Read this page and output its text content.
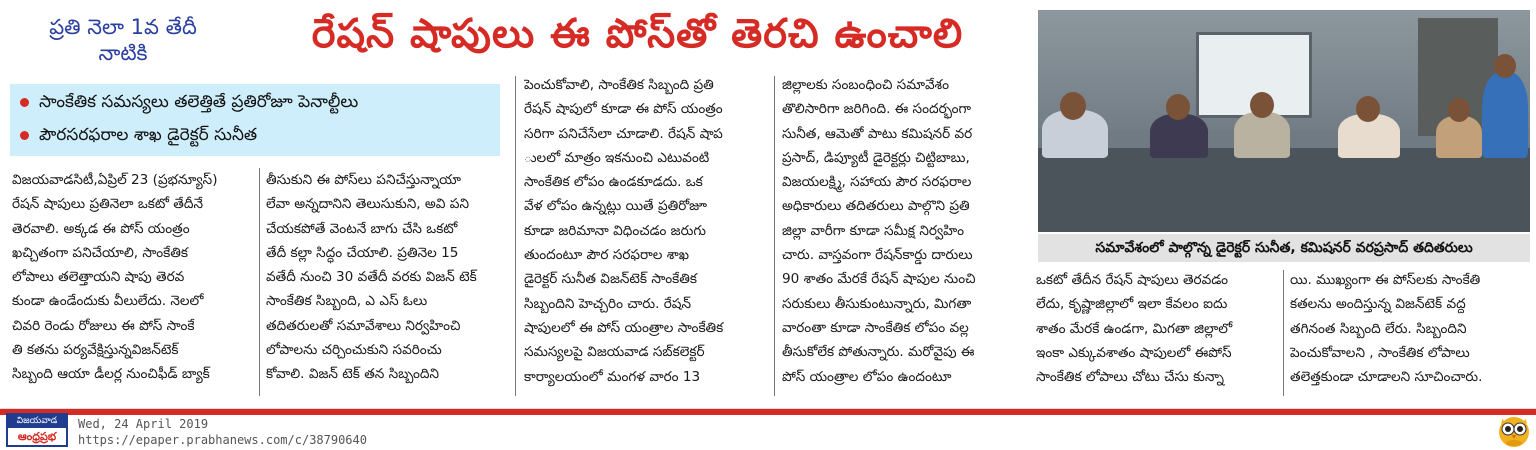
ప్రతి నెలా 1వ తేదీ
నాటికి	రేషన్ షాపులు ఈ పోస్‌తో తెరచి ఉంచాలి
సాంకేతిక సమస్యలు తలెత్తితే ప్రతిరోజూ పెనాల్టీలు
పౌరసరఫరాల శాఖ డైరెక్టర్ సునీత

విజయవాడసిటీ,ఏప్రిల్ 23 (ప్రభన్యూస్)

రేషన్ షాపులు ప్రతినెలా ఒకటో తేదీనే

తెరవాలి. అక్కడ ఈ పోస్ యంత్రం

ఖచ్చితంగా పనిచేయాలి, సాంకేతిక

లోపాలు తలెత్తాయని షాపు తెరవ

కుండా ఉండేందుకు వీలులేదు. నెలలో

చివరి రెండు రోజులు ఈ పోస్ సాంకే

తి కతను పర్యవేక్షిస్తున్నవిజన్‌టెక్

సిబ్బంది ఆయా డీలర్ల నుంచిఫీడ్ బ్యాక్

తీసుకుని ఈ పోస్‌లు పనిచేస్తున్నాయా

లేవా అన్నదానిని తెలుసుకుని, అవి పని

చేయకపోతే వెంటనే బాగు చేసి ఒకటో

తేదీ కల్లా సిద్ధం చేయాలి. ప్రతినెల 15

వతేదీ నుంచి 30 వతేదీ వరకు విజన్ టెక్

సాంకేతిక సిబ్బంది, ఎ ఎస్ ఓలు

తదితరులతో సమావేశాలు నిర్వహించి

లోపాలను చర్చించుకుని సవరించు

కోవాలి. విజన్ టెక్ తన సిబ్బందిని

పెంచుకోవాలి, సాంకేతిక సిబ్బంది ప్రతి

రేషన్ షాపులో కూడా ఈ పోస్ యంత్రం

సరిగా పనిచేసేలా చూడాలి. రేషన్ షాప

ులలో మాత్రం ఇకనుంచి ఎటువంటి

సాంకేతిక లోపం ఉండకూడదు. ఒక

వేళ లోపం ఉన్నట్లు యితే ప్రతిరోజూ

కూడా జరిమానా విధించడం జరుగు

తుందంటూ పౌర సరఫరాల శాఖ

డైరెక్టర్ సునీత విజన్‌టెక్ సాంకేతిక

సిబ్బందిని హెచ్చరిం చారు. రేషన్

షాపులలో ఈ పోస్ యంత్రాల సాంకేతిక

సమస్యలపై విజయవాడ సబ్‌కలెక్టర్

కార్యాలయంలో మంగళ వారం 13

జిల్లాలకు సంబంధించి సమావేశం

తొలిసారిగా జరిగింది. ఈ సందర్భంగా

సునీత, ఆమెతో పాటు కమిషనర్ వర

ప్రసాద్, డిప్యూటీ డైరెక్టర్లు చిట్టిబాబు,

విజయలక్ష్మి, సహాయ పౌర సరఫరాల

అధికారులు తదితరులు పాల్గొని ప్రతి

జిల్లా వారీగా కూడా సమీక్ష నిర్వహిం

చారు. వాస్తవంగా రేషన్‌కార్డు దారులు

90 శాతం మేరకే రేషన్ షాపుల నుంచి

సరుకులు తీసుకుంటున్నారు, మిగతా

వారంతా కూడా సాంకేతిక లోపం వల్ల

తీసుకోలేక పోతున్నారు. మరోవైపు ఈ

పోస్ యంత్రాల లోపం ఉందంటూ

ఒకటో తేదీన రేషన్ షాపులు తెరవడం

లేదు, కృష్ణాజిల్లాలో ఇలా కేవలం ఐదు

శాతం మేరకే ఉండగా, మిగతా జిల్లాలో

ఇంకా ఎక్కువశాతం షాపులలో ఈపోస్

సాంకేతిక లోపాలు చోటు చేసు కున్నా

యి. ముఖ్యంగా ఈ పోస్‌లకు సాంకేతి

కతలను అందిస్తున్న విజన్‌టెక్ వద్ద

తగినంత సిబ్బంది లేరు. సిబ్బందిని

పెంచుకోవాలని , సాంకేతిక లోపాలు

తలెత్తకుండా చూడాలని సూచించారు.

సమావేశంలో పాల్గొన్న డైరెక్టర్ సునీత, కమిషనర్ వరప్రసాద్ తదితరులు
విజయవాడ
ఆంధ్రప్రభ
Wed, 24 April 2019
https://epaper.prabhanews.com/c/38790640
